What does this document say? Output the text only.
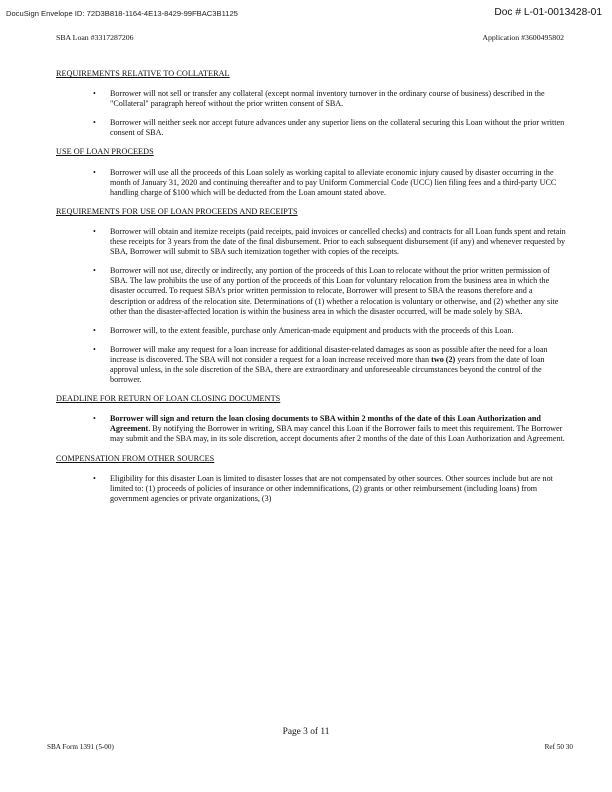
DocuSign Envelope ID: 72D3B818-1164-4E13-8429-99FBAC3B1125	Doc # L-01-0013428-01
SBA Loan #3317287206	Application #3600495802
REQUIREMENTS RELATIVE TO COLLATERAL
• Borrower will not sell or transfer any collateral (except normal inventory turnover in the ordinary course of business) described in the "Collateral" paragraph hereof without the prior written consent of SBA.
• Borrower will neither seek nor accept future advances under any superior liens on the collateral securing this Loan without the prior written consent of SBA.
USE OF LOAN PROCEEDS
• Borrower will use all the proceeds of this Loan solely as working capital to alleviate economic injury caused by disaster occurring in the month of January 31, 2020 and continuing thereafter and to pay Uniform Commercial Code (UCC) lien filing fees and a third-party UCC handling charge of $100 which will be deducted from the Loan amount stated above.
REQUIREMENTS FOR USE OF LOAN PROCEEDS AND RECEIPTS
• Borrower will obtain and itemize receipts (paid receipts, paid invoices or cancelled checks) and contracts for all Loan funds spent and retain these receipts for 3 years from the date of the final disbursement. Prior to each subsequent disbursement (if any) and whenever requested by SBA, Borrower will submit to SBA such itemization together with copies of the receipts.
• Borrower will not use, directly or indirectly, any portion of the proceeds of this Loan to relocate without the prior written permission of SBA. The law prohibits the use of any portion of the proceeds of this Loan for voluntary relocation from the business area in which the disaster occurred. To request SBA's prior written permission to relocate, Borrower will present to SBA the reasons therefore and a description or address of the relocation site. Determinations of (1) whether a relocation is voluntary or otherwise, and (2) whether any site other than the disaster-affected location is within the business area in which the disaster occurred, will be made solely by SBA.
• Borrower will, to the extent feasible, purchase only American-made equipment and products with the proceeds of this Loan.
• Borrower will make any request for a loan increase for additional disaster-related damages as soon as possible after the need for a loan increase is discovered. The SBA will not consider a request for a loan increase received more than two (2) years from the date of loan approval unless, in the sole discretion of the SBA, there are extraordinary and unforeseeable circumstances beyond the control of the borrower.
DEADLINE FOR RETURN OF LOAN CLOSING DOCUMENTS
• Borrower will sign and return the loan closing documents to SBA within 2 months of the date of this Loan Authorization and Agreement. By notifying the Borrower in writing, SBA may cancel this Loan if the Borrower fails to meet this requirement. The Borrower may submit and the SBA may, in its sole discretion, accept documents after 2 months of the date of this Loan Authorization and Agreement.
COMPENSATION FROM OTHER SOURCES
• Eligibility for this disaster Loan is limited to disaster losses that are not compensated by other sources. Other sources include but are not limited to: (1) proceeds of policies of insurance or other indemnifications, (2) grants or other reimbursement (including loans) from government agencies or private organizations, (3)
Page 3 of 11
SBA Form 1391 (5-00)	Ref 50 30
